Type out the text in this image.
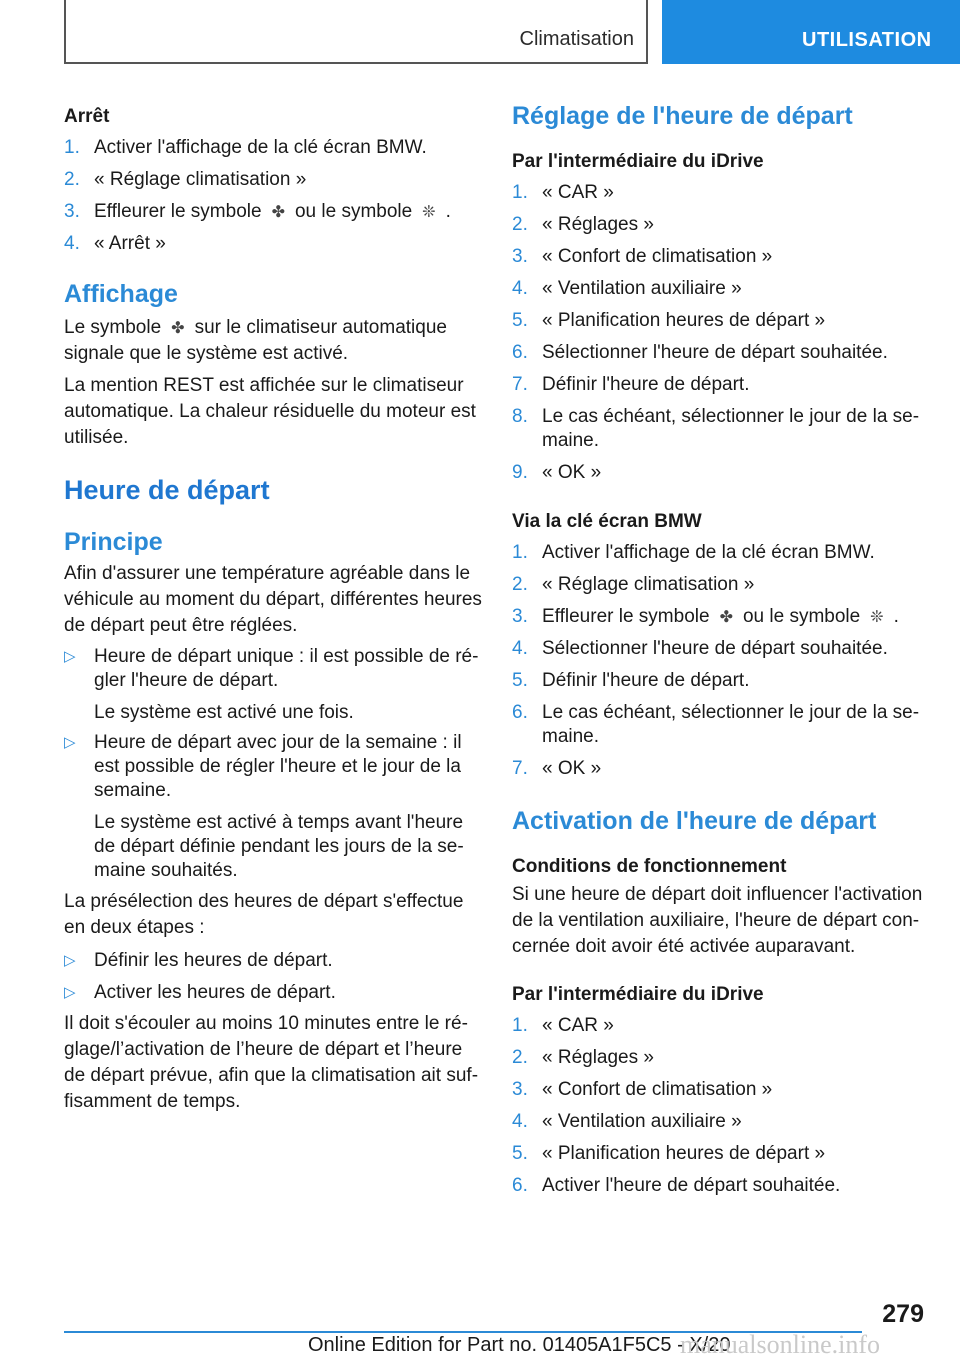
Climatisation	UTILISATION
Arrêt
1. Activer l'affichage de la clé écran BMW.
2. « Réglage climatisation »
3. Effleurer le symbole ✤ ou le symbole ❊ .
4. « Arrêt »
Affichage

Le symbole ✤ sur le climatiseur automatique signale que le système est activé.

La mention REST est affichée sur le climatiseur automatique. La chaleur résiduelle du moteur est utilisée.

Heure de départ
Principe

Afin d'assurer une température agréable dans le véhicule au moment du départ, différentes heures de départ peut être réglées.

▷ Heure de départ unique : il est possible de régler l'heure de départ.
Le système est activé une fois.
▷ Heure de départ avec jour de la semaine : il est possible de régler l'heure et le jour de la semaine.
Le système est activé à temps avant l'heure de départ définie pendant les jours de la semaine souhaités.

La présélection des heures de départ s'effectue en deux étapes :

▷ Définir les heures de départ.
▷ Activer les heures de départ.

Il doit s'écouler au moins 10 minutes entre le réglage/l’activation de l’heure de départ et l’heure de départ prévue, afin que la climatisation ait suffisamment de temps.

Réglage de l'heure de départ
Par l'intermédiaire du iDrive
1. « CAR »
2. « Réglages »
3. « Confort de climatisation »
4. « Ventilation auxiliaire »
5. « Planification heures de départ »
6. Sélectionner l'heure de départ souhaitée.
7. Définir l'heure de départ.
8. Le cas échéant, sélectionner le jour de la semaine.
9. « OK »
Via la clé écran BMW
1. Activer l'affichage de la clé écran BMW.
2. « Réglage climatisation »
3. Effleurer le symbole ✤ ou le symbole ❊ .
4. Sélectionner l'heure de départ souhaitée.
5. Définir l'heure de départ.
6. Le cas échéant, sélectionner le jour de la semaine.
7. « OK »
Activation de l'heure de départ
Conditions de fonctionnement

Si une heure de départ doit influencer l'activation de la ventilation auxiliaire, l'heure de départ concernée doit avoir été activée auparavant.

Par l'intermédiaire du iDrive
1. « CAR »
2. « Réglages »
3. « Confort de climatisation »
4. « Ventilation auxiliaire »
5. « Planification heures de départ »
6. Activer l'heure de départ souhaitée.
279
Online Edition for Part no. 01405A1F5C5 - X/20
manualsonline.info
